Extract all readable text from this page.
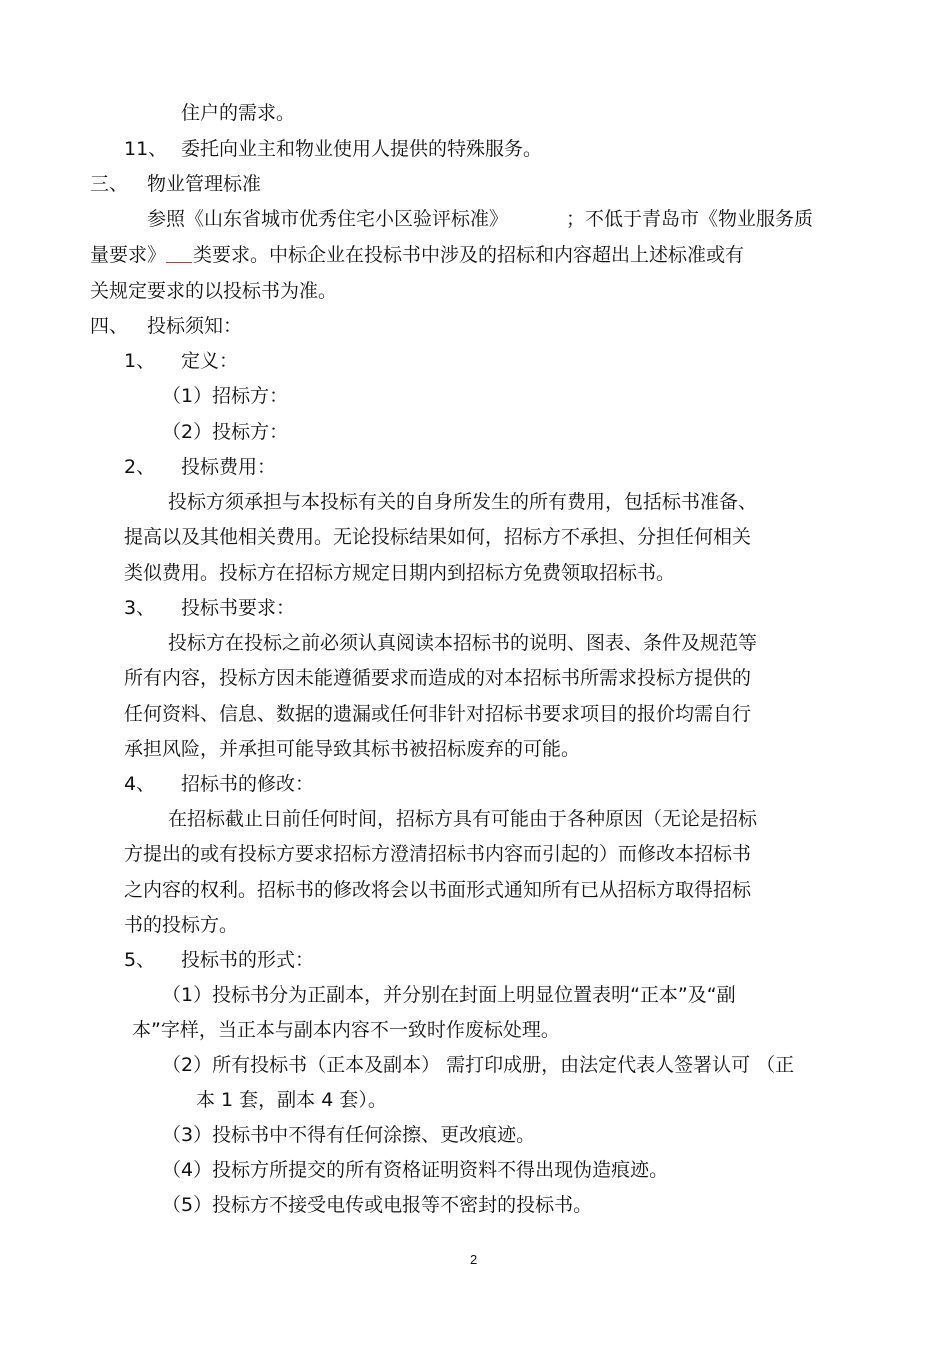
住户的需求。
11、 委托向业主和物业使用人提供的特殊服务。
三、 物业管理标准
参照《山东省城市优秀住宅小区验评标准》	；不低于青岛市《物业服务质
量要求》 类要求。中标企业在投标书中涉及的招标和内容超出上述标准或有
关规定要求的以投标书为准。
四、 投标须知：
1、 定义：
（1）招标方：
（2）投标方：
2、 投标费用：
投标方须承担与本投标有关的自身所发生的所有费用，包括标书准备、
提高以及其他相关费用。无论投标结果如何，招标方不承担、分担任何相关
类似费用。投标方在招标方规定日期内到招标方免费领取招标书。
3、 投标书要求：
投标方在投标之前必须认真阅读本招标书的说明、图表、条件及规范等
所有内容，投标方因未能遵循要求而造成的对本招标书所需求投标方提供的
任何资料、信息、数据的遗漏或任何非针对招标书要求项目的报价均需自行
承担风险，并承担可能导致其标书被招标废弃的可能。
4、 招标书的修改：
在招标截止日前任何时间，招标方具有可能由于各种原因（无论是招标
方提出的或有投标方要求招标方澄清招标书内容而引起的）而修改本招标书
之内容的权利。招标书的修改将会以书面形式通知所有已从招标方取得招标
书的投标方。
5、 投标书的形式：
（1）投标书分为正副本，并分别在封面上明显位置表明“正本”及“副
本”字样，当正本与副本内容不一致时作废标处理。
（2）所有投标书（正本及副本） 需打印成册，由法定代表人签署认可 （正
本 1 套，副本 4 套）。
（3）投标书中不得有任何涂擦、更改痕迹。
（4）投标方所提交的所有资格证明资料不得出现伪造痕迹。
（5）投标方不接受电传或电报等不密封的投标书。
2
